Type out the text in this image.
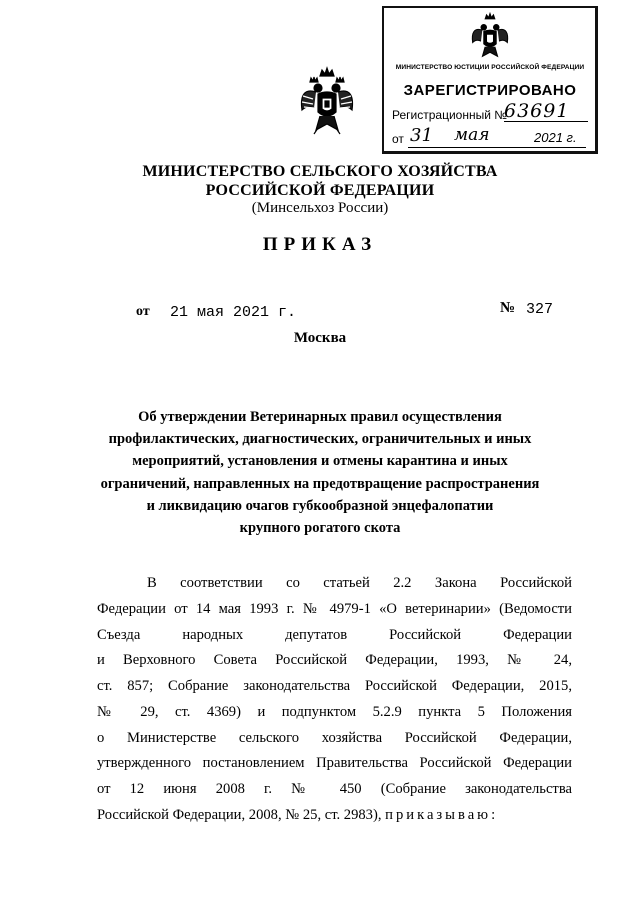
МИНИСТЕРСТВО ЮСТИЦИИ РОССИЙСКОЙ ФЕДЕРАЦИИ
ЗАРЕГИСТРИРОВАНО
Регистрационный №
63691
от 31 мая	2021 г.
МИНИСТЕРСТВО СЕЛЬСКОГО ХОЗЯЙСТВА
РОССИЙСКОЙ ФЕДЕРАЦИИ
(Минсельхоз России)
ПРИКАЗ
от 21 мая 2021 г.	№ 327
Москва
Об утверждении Ветеринарных правил осуществления
профилактических, диагностических, ограничительных и иных
мероприятий, установления и отмены карантина и иных
ограничений, направленных на предотвращение распространения
и ликвидацию очагов губкообразной энцефалопатии
крупного рогатого скота
В соответствии со статьей 2.2 Закона Российской
Федерации от 14 мая 1993 г. № 4979-1 «О ветеринарии» (Ведомости
Съезда народных депутатов Российской Федерации
и Верховного Совета Российской Федерации, 1993, № 24,
ст. 857; Собрание законодательства Российской Федерации, 2015,
№ 29, ст. 4369) и подпунктом 5.2.9 пункта 5 Положения
о Министерстве сельского хозяйства Российской Федерации,
утвержденного постановлением Правительства Российской Федерации
от 12 июня 2008 г. № 450 (Собрание законодательства
Российской Федерации, 2008, № 25, ст. 2983), приказываю:
